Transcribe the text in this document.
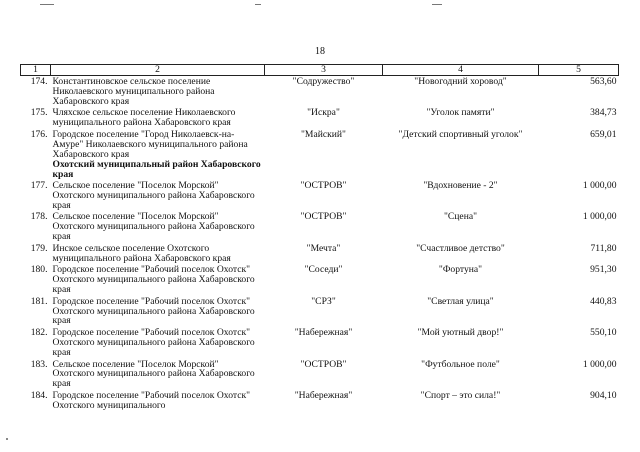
18
1	2	3	4	5
174.	Константиновское сельское поселение Николаевского муниципального района Хабаровского края	"Содружество"	"Новогодний хоровод"	563,60
175.	Чляхское сельское поселение Николаевского муниципального района Хабаровского края	"Искра"	"Уголок памяти"	384,73
176.	Городское поселение "Город Николаевск-на-Амуре" Николаевского муниципального района Хабаровского края	"Майский"	"Детский спортивный уголок"	659,01
	Охотский муниципальный район Хабаровского края			
177.	Сельское поселение "Поселок Морской" Охотского муниципального района Хабаровского края	"ОСТРОВ"	"Вдохновение - 2"	1 000,00
178.	Сельское поселение "Поселок Морской" Охотского муниципального района Хабаровского края	"ОСТРОВ"	"Сцена"	1 000,00
179.	Инское сельское поселение Охотского муниципального района Хабаровского края	"Мечта"	"Счастливое детство"	711,80
180.	Городское поселение "Рабочий поселок Охотск" Охотского муниципального района Хабаровского края	"Соседи"	"Фортуна"	951,30
181.	Городское поселение "Рабочий поселок Охотск" Охотского муниципального района Хабаровского края	"СРЗ"	"Светлая улица"	440,83
182.	Городское поселение "Рабочий поселок Охотск" Охотского муниципального района Хабаровского края	"Набережная"	"Мой уютный двор!"	550,10
183.	Сельское поселение "Поселок Морской" Охотского муниципального района Хабаровского края	"ОСТРОВ"	"Футбольное поле"	1 000,00
184.	Городское поселение "Рабочий поселок Охотск" Охотского муниципального	"Набережная"	"Спорт – это сила!"	904,10
